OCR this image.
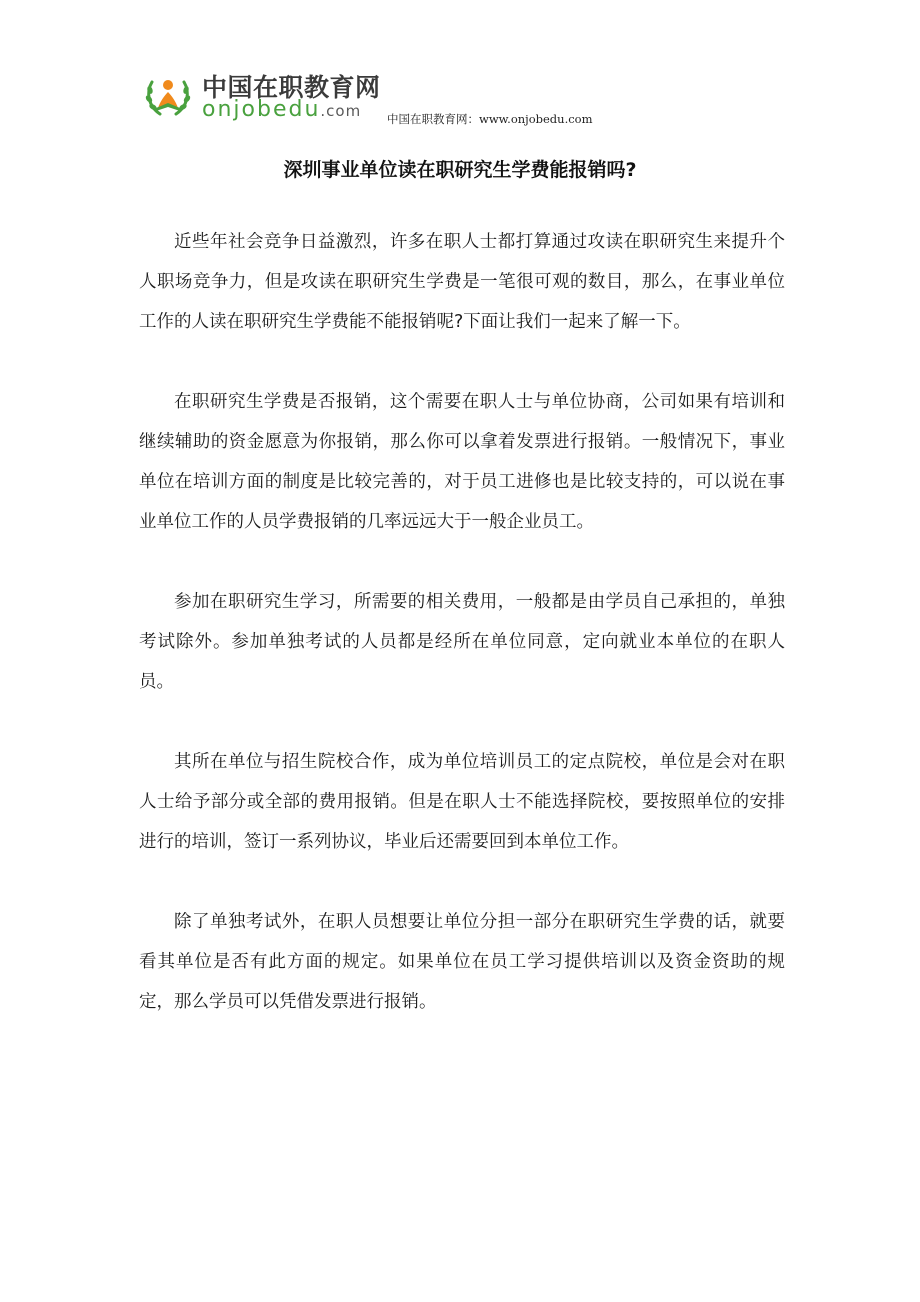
中国在职教育网
onjobedu.com 中国在职教育网：www.onjobedu.com
深圳事业单位读在职研究生学费能报销吗?

近些年社会竞争日益激烈，许多在职人士都打算通过攻读在职研究生来提升个人职场竞争力，但是攻读在职研究生学费是一笔很可观的数目，那么，在事业单位工作的人读在职研究生学费能不能报销呢?下面让我们一起来了解一下。

在职研究生学费是否报销，这个需要在职人士与单位协商，公司如果有培训和继续辅助的资金愿意为你报销，那么你可以拿着发票进行报销。一般情况下，事业单位在培训方面的制度是比较完善的，对于员工进修也是比较支持的，可以说在事业单位工作的人员学费报销的几率远远大于一般企业员工。

参加在职研究生学习，所需要的相关费用，一般都是由学员自己承担的，单独考试除外。参加单独考试的人员都是经所在单位同意，定向就业本单位的在职人员。

其所在单位与招生院校合作，成为单位培训员工的定点院校，单位是会对在职人士给予部分或全部的费用报销。但是在职人士不能选择院校，要按照单位的安排进行的培训，签订一系列协议，毕业后还需要回到本单位工作。

除了单独考试外，在职人员想要让单位分担一部分在职研究生学费的话，就要看其单位是否有此方面的规定。如果单位在员工学习提供培训以及资金资助的规定，那么学员可以凭借发票进行报销。
